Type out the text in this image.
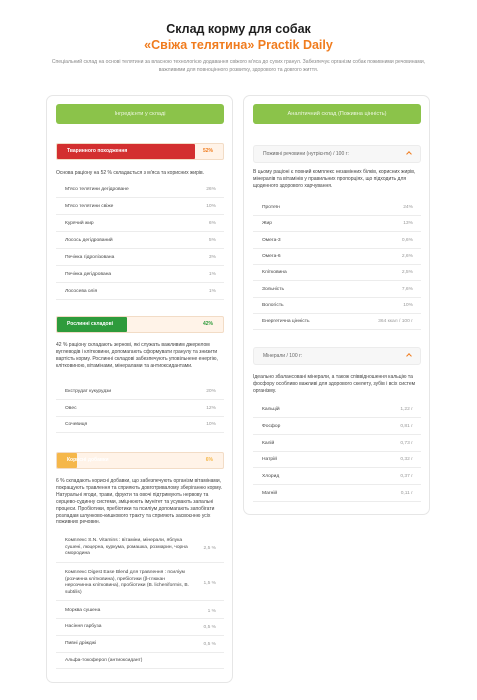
Склад корму для собак
«Свіжа телятина» Practik Daily
Спеціальний склад на основі телятини за власною технологією додавання свіжого м'яса до сухих гранул. Забезпечує організм собак поживними речовинами, важливими для повноцінного розвитку, здорового та довгого життя.
Інгредієнти у складі
Тваринного походження	52%
Основа раціону на 52 % складається з м'яса та корисних жирів.
М'ясо телятини дегідроване	26%
М'ясо телятини свіже	10%
Курячий жир	6%
Лосось дегідрований	5%
Печінка гідролізована	3%
Печінка дегідрована	1%
Лососева олія	1%
Рослинні складові	42%
42 % раціону складають зернові, які служать важливим джерелом вуглеводів і клітковини, допомагають сформувати гранулу та знизити вартість корму. Рослинні складові забезпечують уповільнене енергію, клітковиною, вітамінами, мінералами та антиоксидантами.
Екструдат кукурудзи	20%
Овес	12%
Сочевиця	10%
Корисні добавки	6%
6 % складають корисні добавки, що забезпечують організм вітамінами, покращують травлення та сприяють довготривалому зберіганню корму. Натуральні ягоди, трави, фрукти та овочі підтримують нервову та серцево-судинну системи, зміцнюють імунітет та усувають запальні процеси. Пробіотики, пребіотики та псиліум допомагають запобігати розладам шлунково-кишкового тракту та сприяють засвоєнню усіх поживних речовин.
Комплекс S.N. Vitamins : вітаміни, мінерали, яблука сушені, люцерна, куркума, ромашка, розмарин, чорна смородина
2,5 %
Комплекс Digest Ease Blend для травлення : псиліум (розчинна клітковина), пребіотики (β-глюкан нерозчинна клітковина), пробіотики (B. licheniformis, B. subtilis)
1,5 %
Морква сушена	1 %
Насіння гарбуза	0,5 %
Пивні дріжджі	0,5 %
Альфа-токоферол (антиоксидант)
Аналітичний склад (Поживна цінність)
Поживні речовини (нутрієнти) / 100 г:
В цьому раціоні є повний комплекс незамінних білків, корисних жирів, мінералів та вітамінів у правильних пропорціях, що підходить для щоденного здорового харчування.
Протеїн	24%
Жир	13%
Омега-3	0,6%
Омега-6	2,6%
Клітковина	2,5%
Зольність	7,6%
Вологість	10%
Енергетична цінність	364 ккал / 100 г
Мінерали / 100 г:
Ідеально збалансовані мінерали, а також співвідношення кальцію та фосфору особливо важливі для здорового скелету, зубів і всіх систем організму.
Кальцій	1,22 г
Фосфор	0,81 г
Калій	0,73 г
Натрій	0,32 г
Хлорид	0,37 г
Магній	0,11 г
